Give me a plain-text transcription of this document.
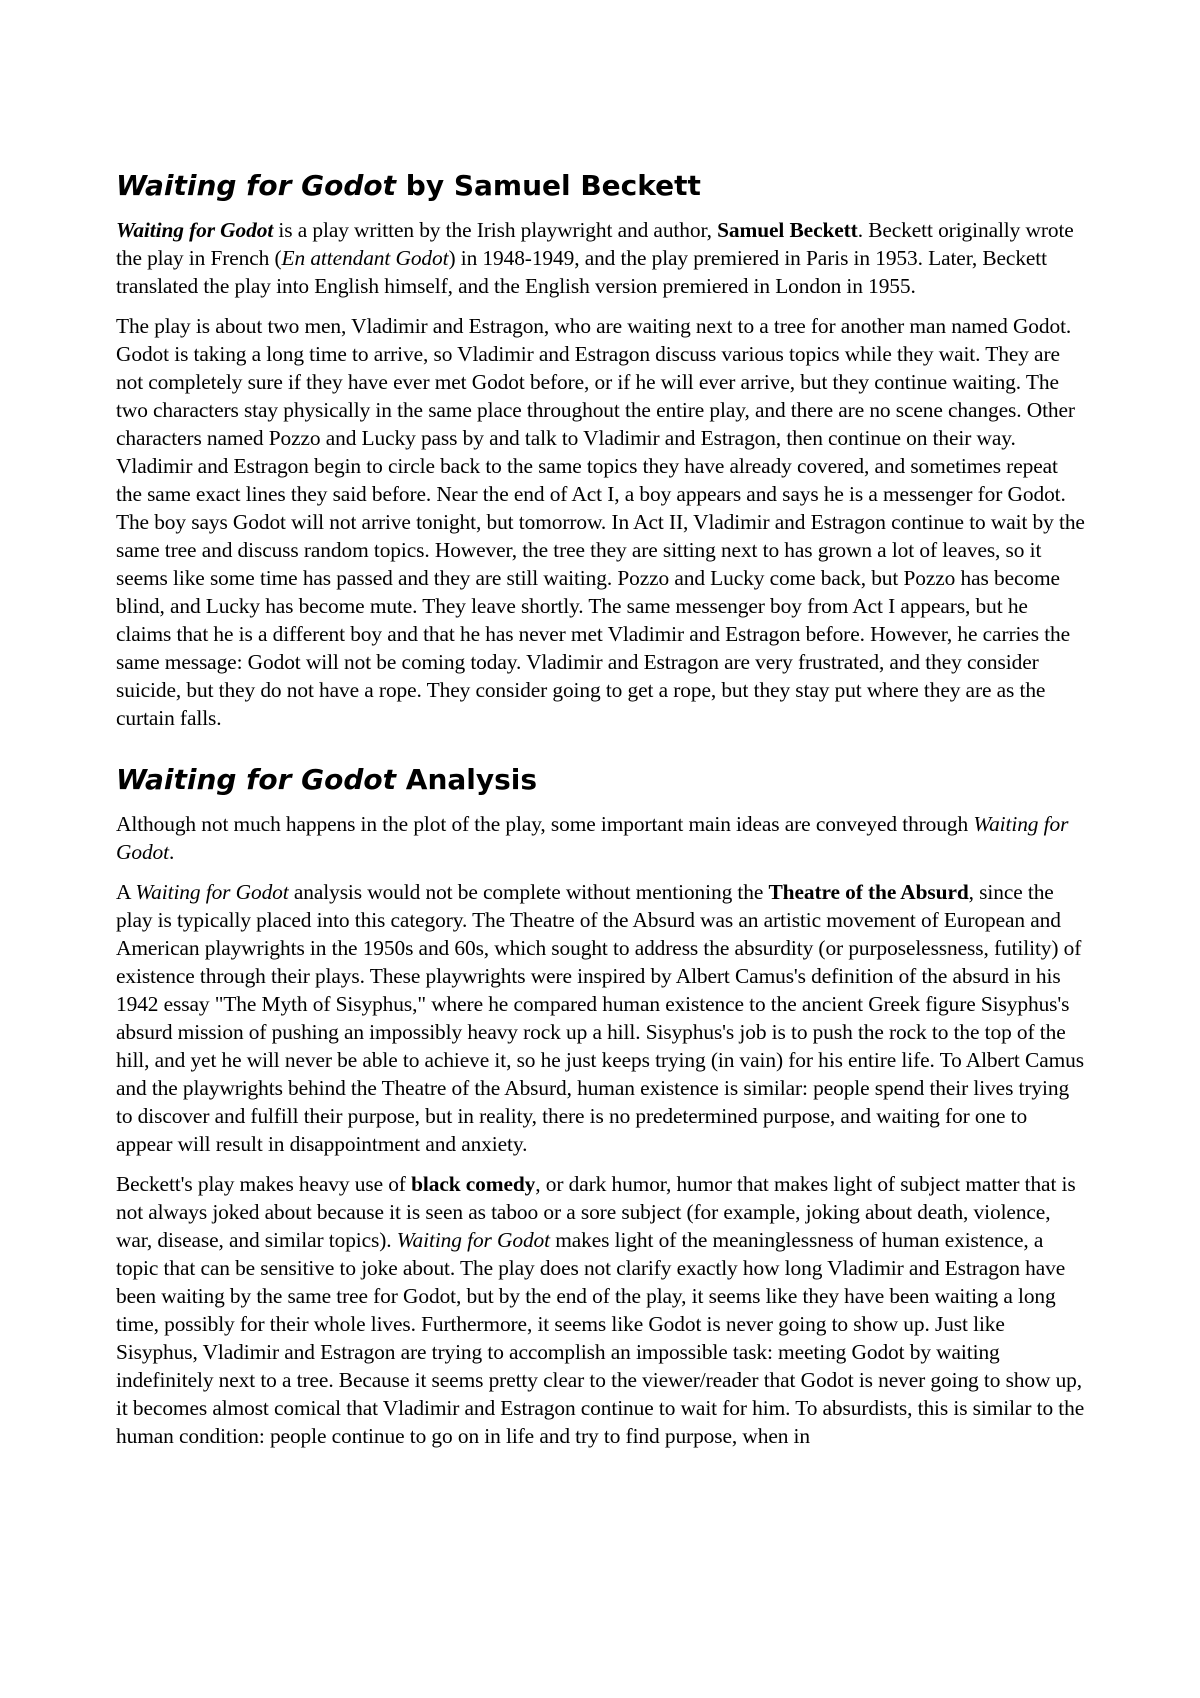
Waiting for Godot by Samuel Beckett

Waiting for Godot is a play written by the Irish playwright and author, Samuel Beckett. Beckett originally wrote the play in French (En attendant Godot) in 1948-1949, and the play premiered in Paris in 1953. Later, Beckett translated the play into English himself, and the English version premiered in London in 1955.

The play is about two men, Vladimir and Estragon, who are waiting next to a tree for another man named Godot. Godot is taking a long time to arrive, so Vladimir and Estragon discuss various topics while they wait. They are not completely sure if they have ever met Godot before, or if he will ever arrive, but they continue waiting. The two characters stay physically in the same place throughout the entire play, and there are no scene changes. Other characters named Pozzo and Lucky pass by and talk to Vladimir and Estragon, then continue on their way. Vladimir and Estragon begin to circle back to the same topics they have already covered, and sometimes repeat the same exact lines they said before. Near the end of Act I, a boy appears and says he is a messenger for Godot. The boy says Godot will not arrive tonight, but tomorrow. In Act II, Vladimir and Estragon continue to wait by the same tree and discuss random topics. However, the tree they are sitting next to has grown a lot of leaves, so it seems like some time has passed and they are still waiting. Pozzo and Lucky come back, but Pozzo has become blind, and Lucky has become mute. They leave shortly. The same messenger boy from Act I appears, but he claims that he is a different boy and that he has never met Vladimir and Estragon before. However, he carries the same message: Godot will not be coming today. Vladimir and Estragon are very frustrated, and they consider suicide, but they do not have a rope. They consider going to get a rope, but they stay put where they are as the curtain falls.

Waiting for Godot Analysis

Although not much happens in the plot of the play, some important main ideas are conveyed through Waiting for Godot.

A Waiting for Godot analysis would not be complete without mentioning the Theatre of the Absurd, since the play is typically placed into this category. The Theatre of the Absurd was an artistic movement of European and American playwrights in the 1950s and 60s, which sought to address the absurdity (or purposelessness, futility) of existence through their plays. These playwrights were inspired by Albert Camus's definition of the absurd in his 1942 essay "The Myth of Sisyphus," where he compared human existence to the ancient Greek figure Sisyphus's absurd mission of pushing an impossibly heavy rock up a hill. Sisyphus's job is to push the rock to the top of the hill, and yet he will never be able to achieve it, so he just keeps trying (in vain) for his entire life. To Albert Camus and the playwrights behind the Theatre of the Absurd, human existence is similar: people spend their lives trying to discover and fulfill their purpose, but in reality, there is no predetermined purpose, and waiting for one to appear will result in disappointment and anxiety.

Beckett's play makes heavy use of black comedy, or dark humor, humor that makes light of subject matter that is not always joked about because it is seen as taboo or a sore subject (for example, joking about death, violence, war, disease, and similar topics). Waiting for Godot makes light of the meaninglessness of human existence, a topic that can be sensitive to joke about. The play does not clarify exactly how long Vladimir and Estragon have been waiting by the same tree for Godot, but by the end of the play, it seems like they have been waiting a long time, possibly for their whole lives. Furthermore, it seems like Godot is never going to show up. Just like Sisyphus, Vladimir and Estragon are trying to accomplish an impossible task: meeting Godot by waiting indefinitely next to a tree. Because it seems pretty clear to the viewer/reader that Godot is never going to show up, it becomes almost comical that Vladimir and Estragon continue to wait for him. To absurdists, this is similar to the human condition: people continue to go on in life and try to find purpose, when in
